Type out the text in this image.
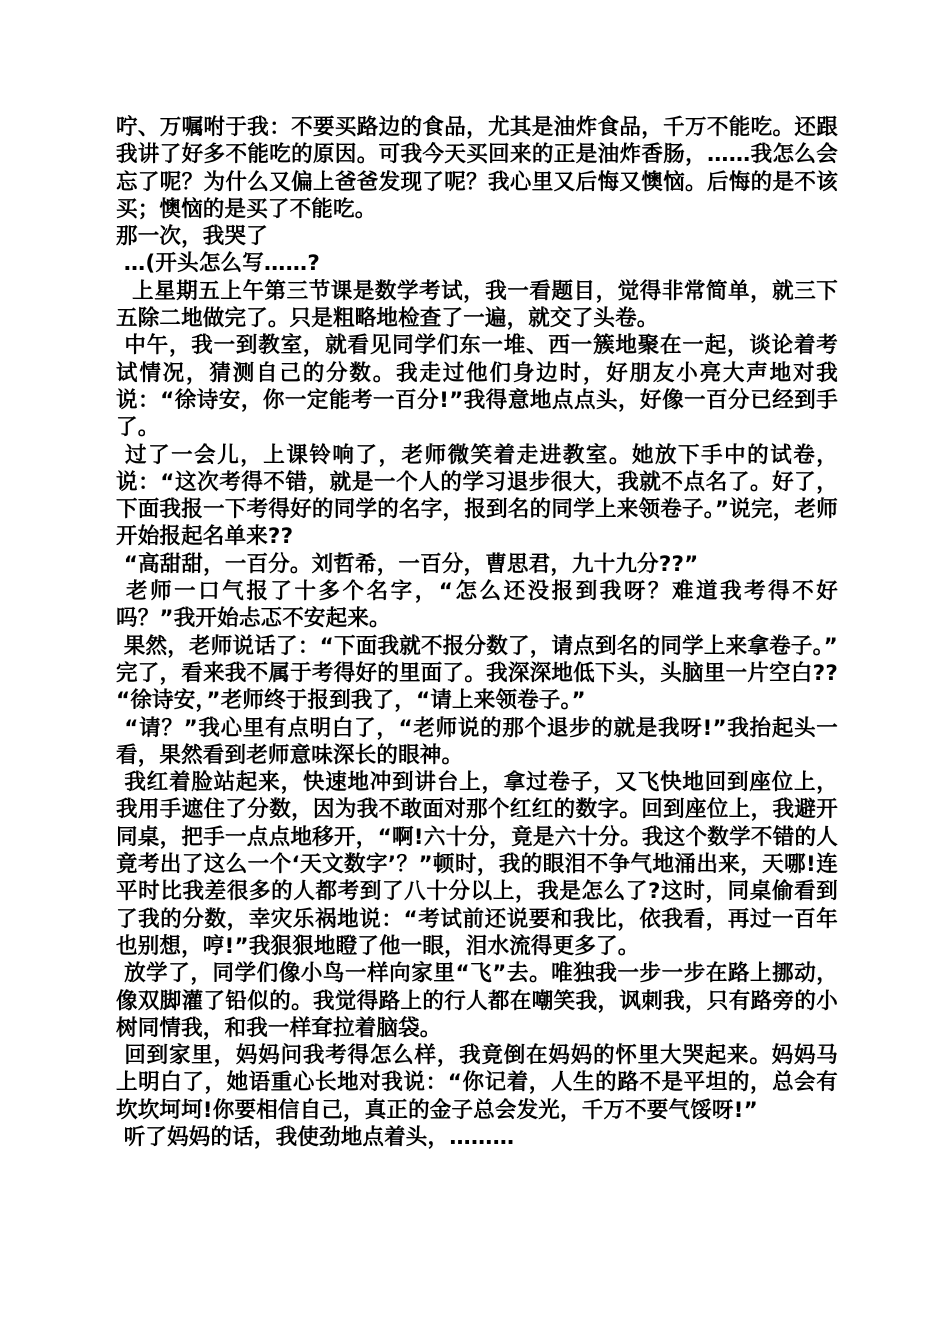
咛、万嘱咐于我：不要买路边的食品，尤其是油炸食品，千万不能吃。还跟我讲了好多不能吃的原因。可我今天买回来的正是油炸香肠，……我怎么会忘了呢？为什么又偏上爸爸发现了呢？我心里又后悔又懊恼。后悔的是不该买；懊恼的是买了不能吃。

那一次，我哭了

…(开头怎么写……?

上星期五上午第三节课是数学考试，我一看题目，觉得非常简单，就三下五除二地做完了。只是粗略地检查了一遍，就交了头卷。

中午，我一到教室，就看见同学们东一堆、西一簇地聚在一起，谈论着考试情况，猜测自己的分数。我走过他们身边时，好朋友小亮大声地对我说：“徐诗安，你一定能考一百分!”我得意地点点头，好像一百分已经到手了。

过了一会儿，上课铃响了，老师微笑着走进教室。她放下手中的试卷，说：“这次考得不错，就是一个人的学习退步很大，我就不点名了。好了，下面我报一下考得好的同学的名字，报到名的同学上来领卷子。”说完，老师开始报起名单来??

“高甜甜，一百分。刘哲希，一百分，曹思君，九十九分??”

老师一口气报了十多个名字，“怎么还没报到我呀？难道我考得不好吗？”我开始忐忑不安起来。

果然，老师说话了：“下面我就不报分数了，请点到名的同学上来拿卷子。” 完了，看来我不属于考得好的里面了。我深深地低下头，头脑里一片空白?? “徐诗安，”老师终于报到我了，“请上来领卷子。”

“请？”我心里有点明白了，“老师说的那个退步的就是我呀!”我抬起头一看，果然看到老师意味深长的眼神。

我红着脸站起来，快速地冲到讲台上，拿过卷子，又飞快地回到座位上，我用手遮住了分数，因为我不敢面对那个红红的数字。回到座位上，我避开同桌，把手一点点地移开，“啊!六十分，竟是六十分。我这个数学不错的人竟考出了这么一个‘天文数字’？”顿时，我的眼泪不争气地涌出来，天哪!连平时比我差很多的人都考到了八十分以上，我是怎么了?这时，同桌偷看到了我的分数，幸灾乐祸地说：“考试前还说要和我比，依我看，再过一百年也别想，哼!”我狠狠地瞪了他一眼，泪水流得更多了。

放学了，同学们像小鸟一样向家里“飞”去。唯独我一步一步在路上挪动，像双脚灌了铅似的。我觉得路上的行人都在嘲笑我，讽刺我，只有路旁的小树同情我，和我一样耷拉着脑袋。

回到家里，妈妈问我考得怎么样，我竟倒在妈妈的怀里大哭起来。妈妈马上明白了，她语重心长地对我说：“你记着，人生的路不是平坦的，总会有坎坎坷坷!你要相信自己，真正的金子总会发光，千万不要气馁呀!”

听了妈妈的话，我使劲地点着头，………
